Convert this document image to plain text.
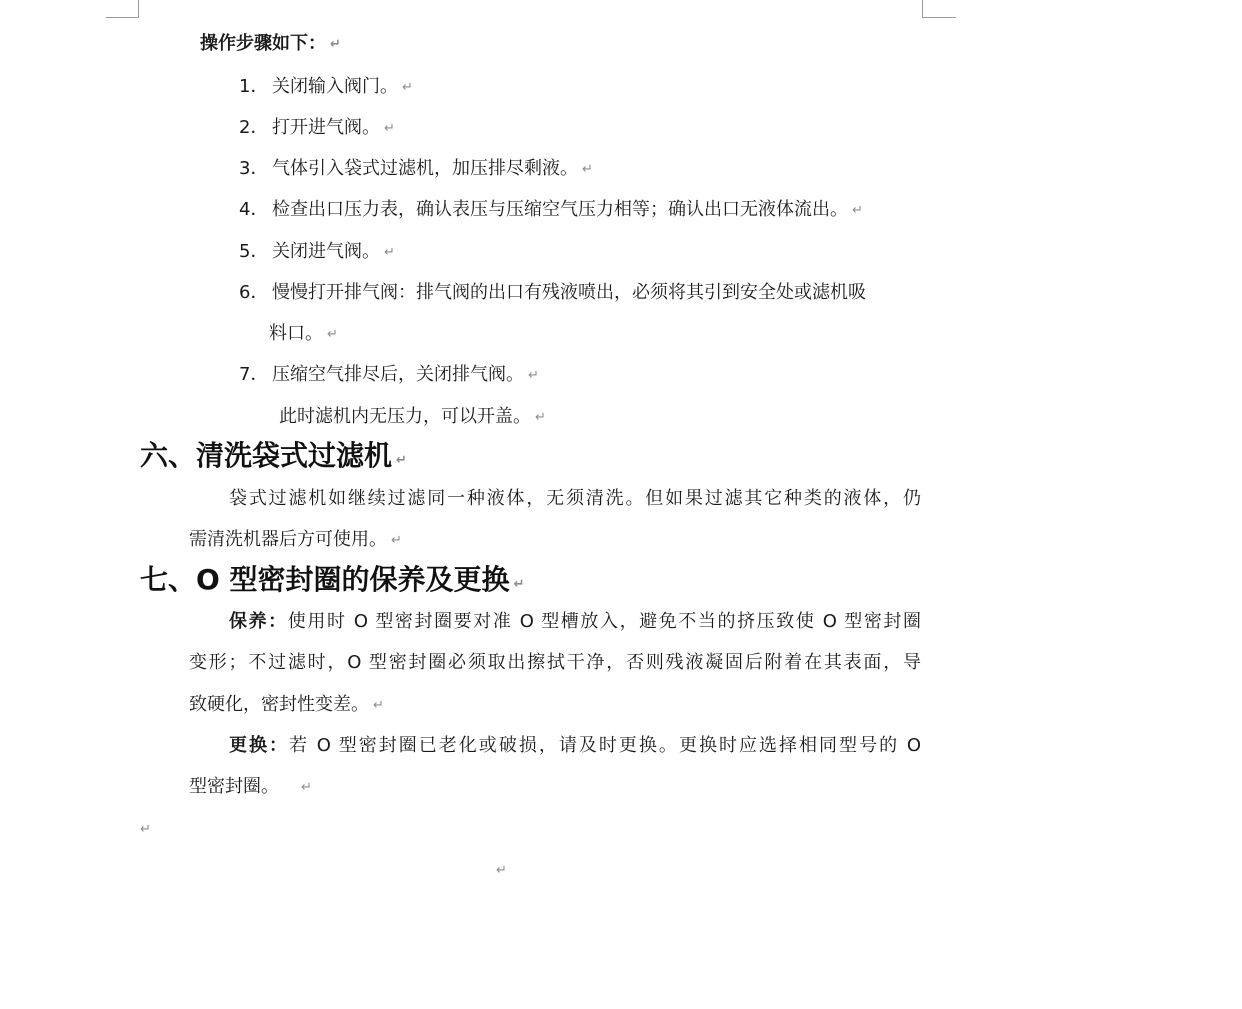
操作步骤如下： ↵
1． 关闭输入阀门。 ↵
2． 打开进气阀。 ↵
3． 气体引入袋式过滤机，加压排尽剩液。 ↵
4． 检查出口压力表，确认表压与压缩空气压力相等；确认出口无液体流出。 ↵
5． 关闭进气阀。 ↵
6． 慢慢打开排气阀：排气阀的出口有残液喷出，必须将其引到安全处或滤机吸
料口。 ↵
7． 压缩空气排尽后，关闭排气阀。 ↵
此时滤机内无压力，可以开盖。 ↵
六、清洗袋式过滤机 ↵
袋式过滤机如继续过滤同一种液体，无须清洗。但如果过滤其它种类的液体，仍
需清洗机器后方可使用。 ↵
七、O 型密封圈的保养及更换 ↵
保养：使用时 O 型密封圈要对准 O 型槽放入，避免不当的挤压致使 O 型密封圈
变形；不过滤时，O 型密封圈必须取出擦拭干净，否则残液凝固后附着在其表面，导
致硬化，密封性变差。 ↵
更换：若 O 型密封圈已老化或破损，请及时更换。更换时应选择相同型号的 O
型密封圈。 ↵
↵
↵
